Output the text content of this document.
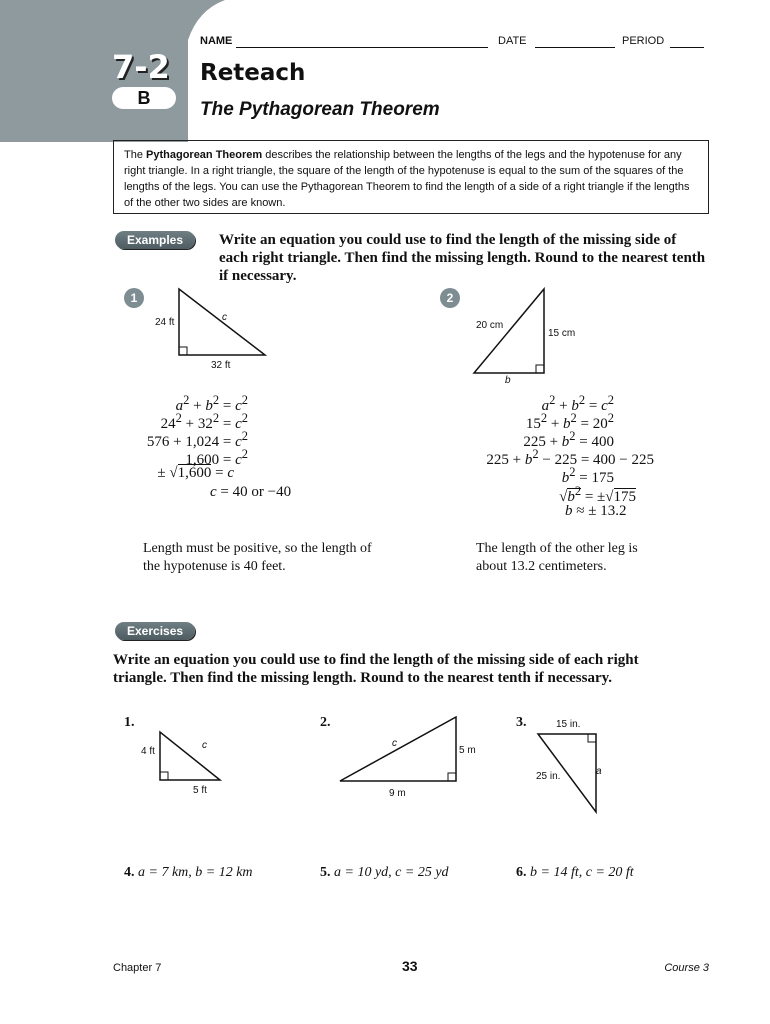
7-2
B
NAME	DATE	PERIOD
Reteach
The Pythagorean Theorem
The Pythagorean Theorem describes the relationship between the lengths of the legs and the hypotenuse for any right triangle. In a right triangle, the square of the length of the hypotenuse is equal to the sum of the squares of the lengths of the legs. You can use the Pythagorean Theorem to find the length of a side of a right triangle if the lengths of the other two sides are known.
Examples	Write an equation you could use to find the length of the missing side of each right triangle. Then find the missing length. Round to the nearest tenth if necessary.
1	2
24 ft	c
32 ft
20 cm
15 cm
b
$a^2 + b^2 = c^2$
$24^2 + 32^2 = c^2$
$576 + 1,024 = c^2$
$1,600 = c^2$
± √1,600 = c
c = 40 or −40
$a^2 + b^2 = c^2$
$15^2 + b^2 = 20^2$
$225 + b^2 = 400$
$225 + b^2 - 225 = 400 - 225$
$b^2 = 175$
$√b^2 = \pm√175$
b ≈ ± 13.2
Length must be positive, so the length of the hypotenuse is 40 feet.
The length of the other leg is about 13.2 centimeters.
Exercises
Write an equation you could use to find the length of the missing side of each right triangle. Then find the missing length. Round to the nearest tenth if necessary.
1.	2.	3.
4 ft
c
5 ft
c
5 m
9 m
15 in.
a
25 in.
4. a = 7 km, b = 12 km	5. a = 10 yd, c = 25 yd	6. b = 14 ft, c = 20 ft
Chapter 7	33	Course 3
